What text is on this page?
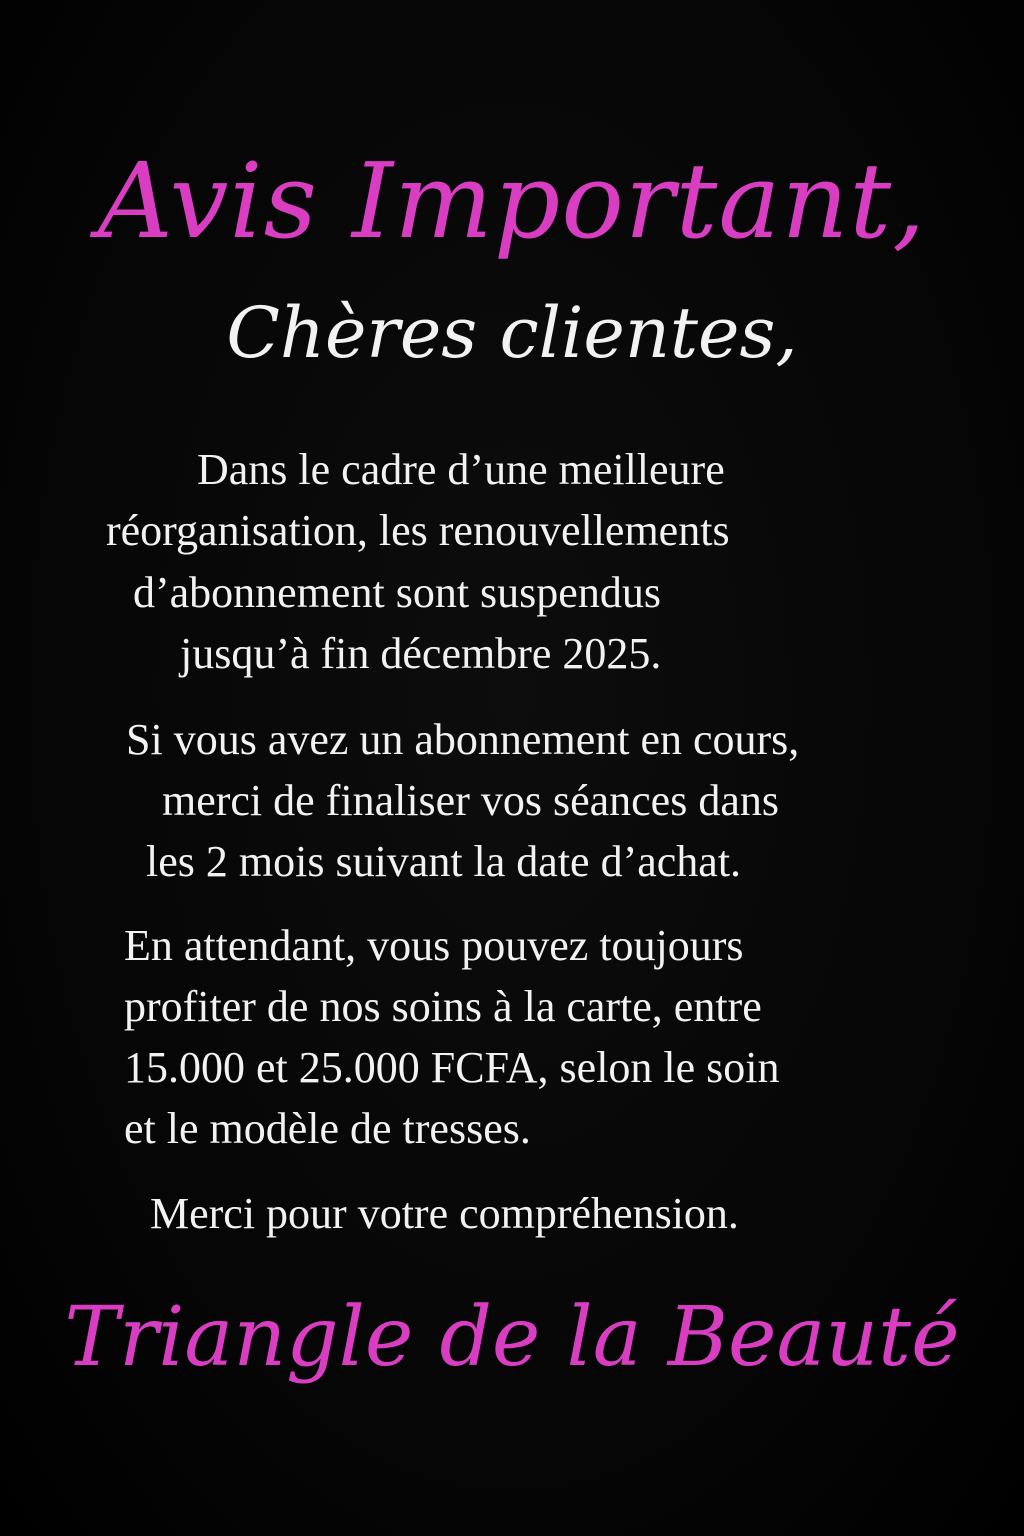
Avis Important,
Chères clientes,
Dans le cadre d’une meilleure
réorganisation, les renouvellements
d’abonnement sont suspendus
jusqu’à fin décembre 2025.
Si vous avez un abonnement en cours,
merci de finaliser vos séances dans
les 2 mois suivant la date d’achat.
En attendant, vous pouvez toujours
profiter de nos soins à la carte, entre
15.000 et 25.000 FCFA, selon le soin
et le modèle de tresses.
Merci pour votre compréhension.
Triangle de la Beauté
